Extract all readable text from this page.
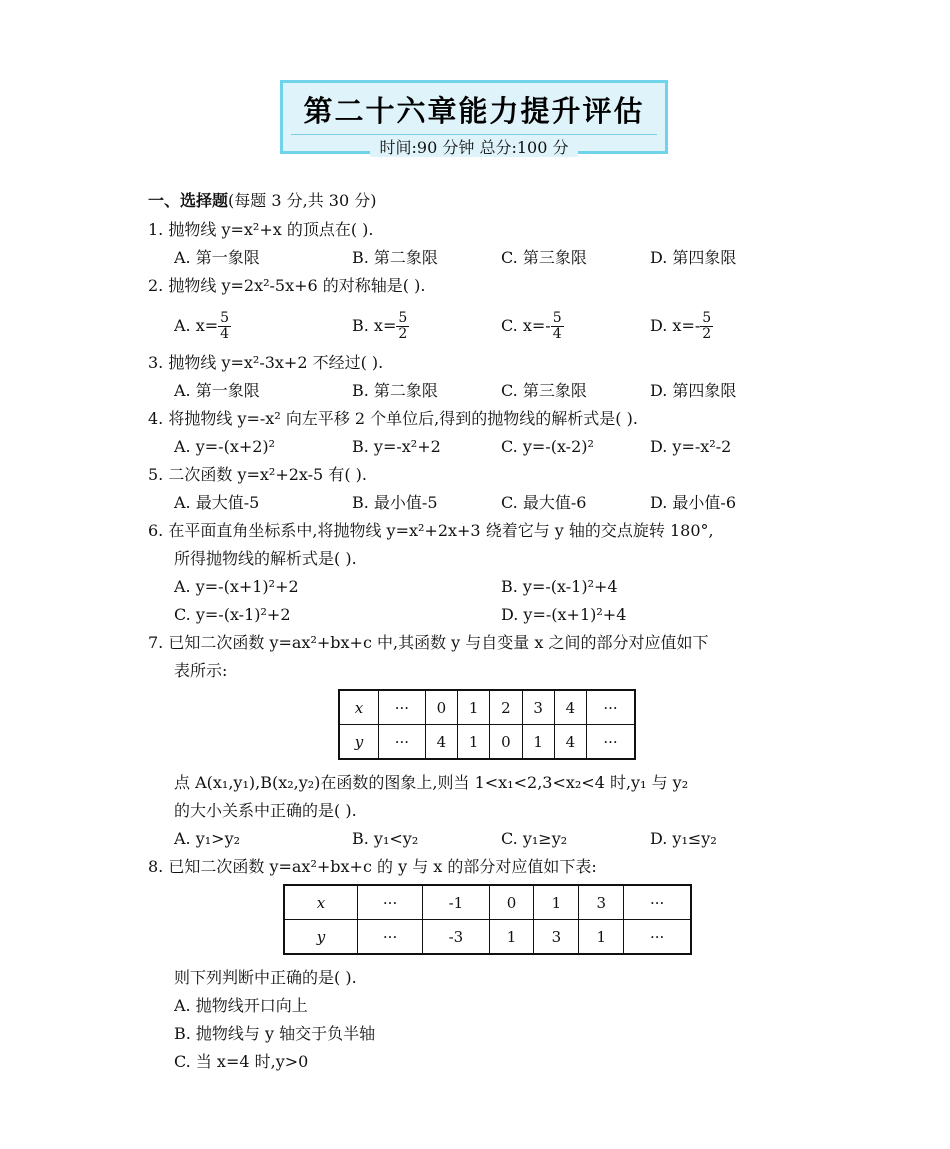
第二十六章能力提升评估
时间:90 分钟 总分:100 分
一、选择题(每题 3 分,共 30 分)
1. 抛物线 y=x²+x 的顶点在( ).
A. 第一象限	B. 第二象限	C. 第三象限	D. 第四象限
2. 抛物线 y=2x²-5x+6 的对称轴是( ).
A. $x= \frac{5}{4}$	B. $x= \frac{5}{2}$	C. $x=- \frac{5}{4}$	D. $x=- \frac{5}{2}$
3. 抛物线 y=x²-3x+2 不经过( ).
A. 第一象限	B. 第二象限	C. 第三象限	D. 第四象限
4. 将抛物线 y=-x² 向左平移 2 个单位后,得到的抛物线的解析式是( ).
A. y=-(x+2)²	B. y=-x²+2	C. y=-(x-2)²	D. y=-x²-2
5. 二次函数 y=x²+2x-5 有( ).
A. 最大值-5	B. 最小值-5	C. 最大值-6	D. 最小值-6
6. 在平面直角坐标系中,将抛物线 y=x²+2x+3 绕着它与 y 轴的交点旋转 180°,
所得抛物线的解析式是( ).
A. y=-(x+1)²+2	B. y=-(x-1)²+4
C. y=-(x-1)²+2	D. y=-(x+1)²+4
7. 已知二次函数 y=ax²+bx+c 中,其函数 y 与自变量 x 之间的部分对应值如下
表所示:
x	···	0	1	2	3	4	···
y	···	4	1	0	1	4	···
点 A(x₁,y₁),B(x₂,y₂)在函数的图象上,则当 1<x₁<2,3<x₂<4 时,y₁ 与 y₂
的大小关系中正确的是( ).
A. y₁>y₂	B. y₁<y₂	C. y₁≥y₂	D. y₁≤y₂
8. 已知二次函数 y=ax²+bx+c 的 y 与 x 的部分对应值如下表:
x	···	-1	0	1	3	···
y	···	-3	1	3	1	···
则下列判断中正确的是( ).
A. 抛物线开口向上
B. 抛物线与 y 轴交于负半轴
C. 当 x=4 时,y>0
